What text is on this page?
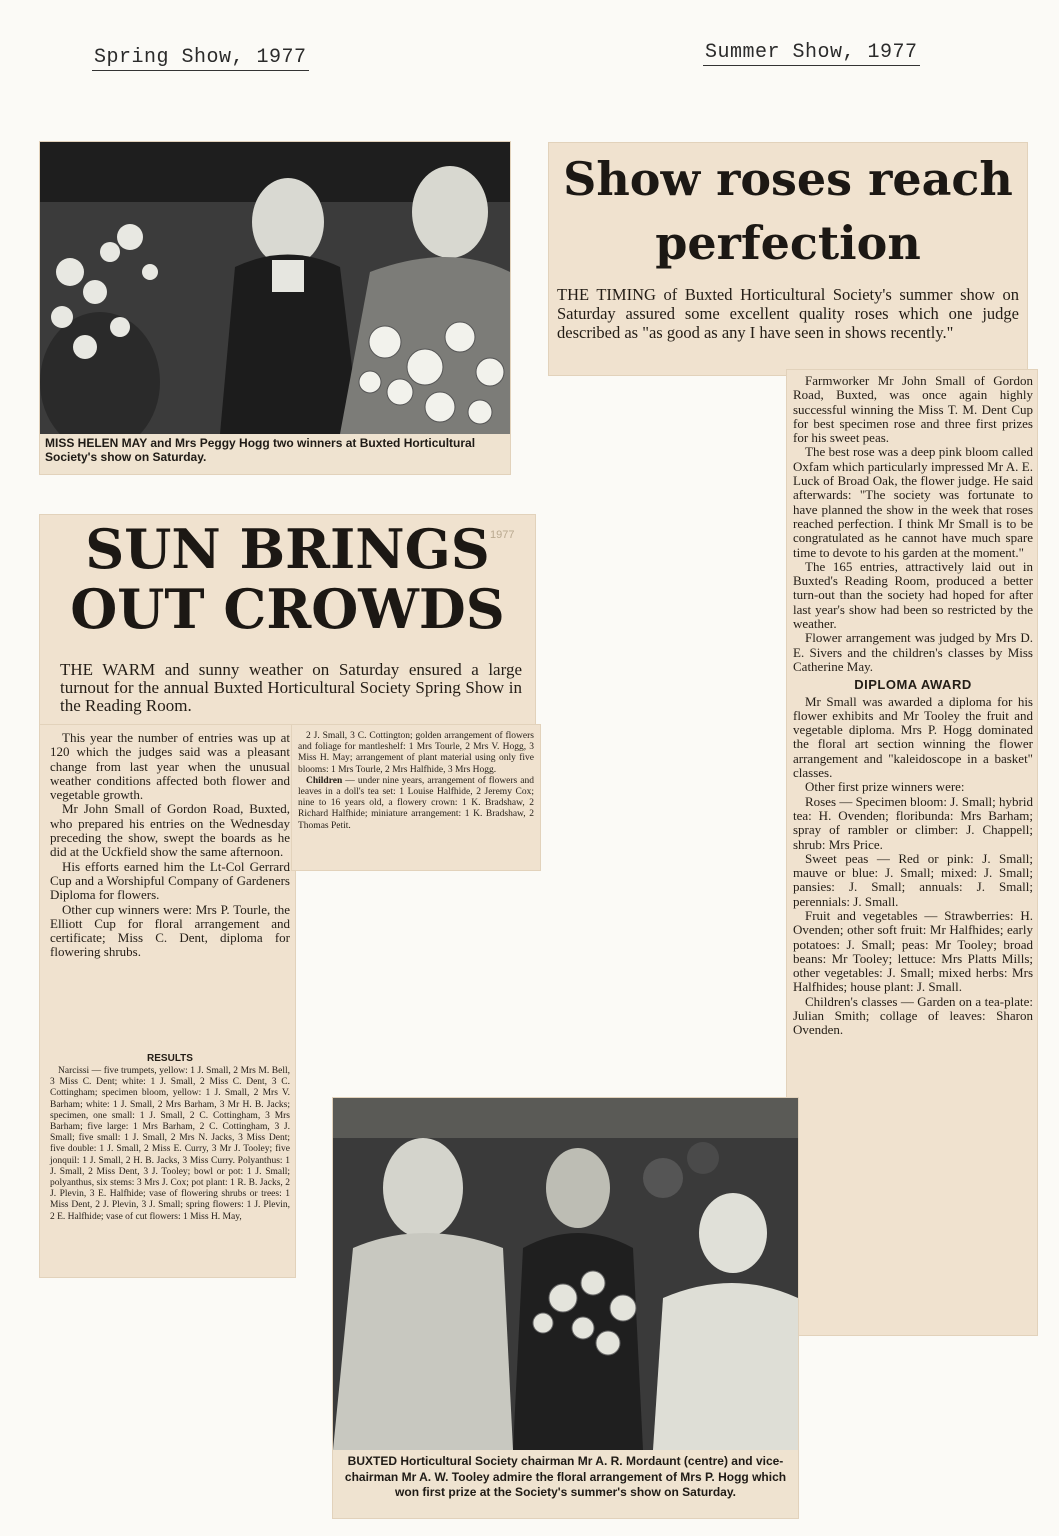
Spring Show, 1977	Summer Show, 1977
MISS HELEN MAY and Mrs Peggy Hogg two winners at Buxted Horticultural Society's show on Saturday.
1977
SUN BRINGS
OUT CROWDS
THE WARM and sunny weather on Saturday ensured a large turnout for the annual Buxted Horticultural Society Spring Show in the Reading Room.

This year the number of entries was up at 120 which the judges said was a pleasant change from last year when the unusual weather conditions affected both flower and vegetable growth.

Mr John Small of Gordon Road, Buxted, who prepared his entries on the Wednesday preceding the show, swept the boards as he did at the Uckfield show the same afternoon.

His efforts earned him the Lt-Col Gerrard Cup and a Worshipful Company of Gardeners Diploma for flowers.

Other cup winners were: Mrs P. Tourle, the Elliott Cup for floral arrangement and certificate; Miss C. Dent, diploma for flowering shrubs.

RESULTS

Narcissi — five trumpets, yellow: 1 J. Small, 2 Mrs M. Bell, 3 Miss C. Dent; white: 1 J. Small, 2 Miss C. Dent, 3 C. Cottingham; specimen bloom, yellow: 1 J. Small, 2 Mrs V. Barham; white: 1 J. Small, 2 Mrs Barham, 3 Mr H. B. Jacks; specimen, one small: 1 J. Small, 2 C. Cottingham, 3 Mrs Barham; five large: 1 Mrs Barham, 2 C. Cottingham, 3 J. Small; five small: 1 J. Small, 2 Mrs N. Jacks, 3 Miss Dent; five double: 1 J. Small, 2 Miss E. Curry, 3 Mr J. Tooley; five jonquil: 1 J. Small, 2 H. B. Jacks, 3 Miss Curry. Polyanthus: 1 J. Small, 2 Miss Dent, 3 J. Tooley; bowl or pot: 1 J. Small; polyanthus, six stems: 3 Mrs J. Cox; pot plant: 1 R. B. Jacks, 2 J. Plevin, 3 E. Halfhide; vase of flowering shrubs or trees: 1 Miss Dent, 2 J. Plevin, 3 J. Small; spring flowers: 1 J. Plevin, 2 E. Halfhide; vase of cut flowers: 1 Miss H. May,

2 J. Small, 3 C. Cottington; golden arrangement of flowers and foliage for mantleshelf: 1 Mrs Tourle, 2 Mrs V. Hogg, 3 Miss H. May; arrangement of plant material using only five blooms: 1 Mrs Tourle, 2 Mrs Halfhide, 3 Mrs Hogg.

Children — under nine years, arrangement of flowers and leaves in a doll's tea set: 1 Louise Halfhide, 2 Jeremy Cox; nine to 16 years old, a flowery crown: 1 K. Bradshaw, 2 Richard Halfhide; miniature arrangement: 1 K. Bradshaw, 2 Thomas Petit.

Show roses reach
perfection
THE TIMING of Buxted Horticultural Society's summer show on Saturday assured some excellent quality roses which one judge described as "as good as any I have seen in shows recently."

Farmworker Mr John Small of Gordon Road, Buxted, was once again highly successful winning the Miss T. M. Dent Cup for best specimen rose and three first prizes for his sweet peas.

The best rose was a deep pink bloom called Oxfam which particularly impressed Mr A. E. Luck of Broad Oak, the flower judge. He said afterwards: "The society was fortunate to have planned the show in the week that roses reached perfection. I think Mr Small is to be congratulated as he cannot have much spare time to devote to his garden at the moment."

The 165 entries, attractively laid out in Buxted's Reading Room, produced a better turn-out than the society had hoped for after last year's show had been so restricted by the weather.

Flower arrangement was judged by Mrs D. E. Sivers and the children's classes by Miss Catherine May.

DIPLOMA AWARD

Mr Small was awarded a diploma for his flower exhibits and Mr Tooley the fruit and vegetable diploma. Mrs P. Hogg dominated the floral art section winning the flower arrangement and "kaleidoscope in a basket" classes.

Other first prize winners were:

Roses — Specimen bloom: J. Small; hybrid tea: H. Ovenden; floribunda: Mrs Barham; spray of rambler or climber: J. Chappell; shrub: Mrs Price.

Sweet peas — Red or pink: J. Small; mauve or blue: J. Small; mixed: J. Small; pansies: J. Small; annuals: J. Small; perennials: J. Small.

Fruit and vegetables — Strawberries: H. Ovenden; other soft fruit: Mr Halfhides; early potatoes: J. Small; peas: Mr Tooley; broad beans: Mr Tooley; lettuce: Mrs Platts Mills; other vegetables: J. Small; mixed herbs: Mrs Halfhides; house plant: J. Small.

Children's classes — Garden on a tea-plate: Julian Smith; collage of leaves: Sharon Ovenden.

BUXTED Horticultural Society chairman Mr A. R. Mordaunt (centre) and vice-chairman Mr A. W. Tooley admire the floral arrangement of Mrs P. Hogg which won first prize at the Society's summer's show on Saturday.
